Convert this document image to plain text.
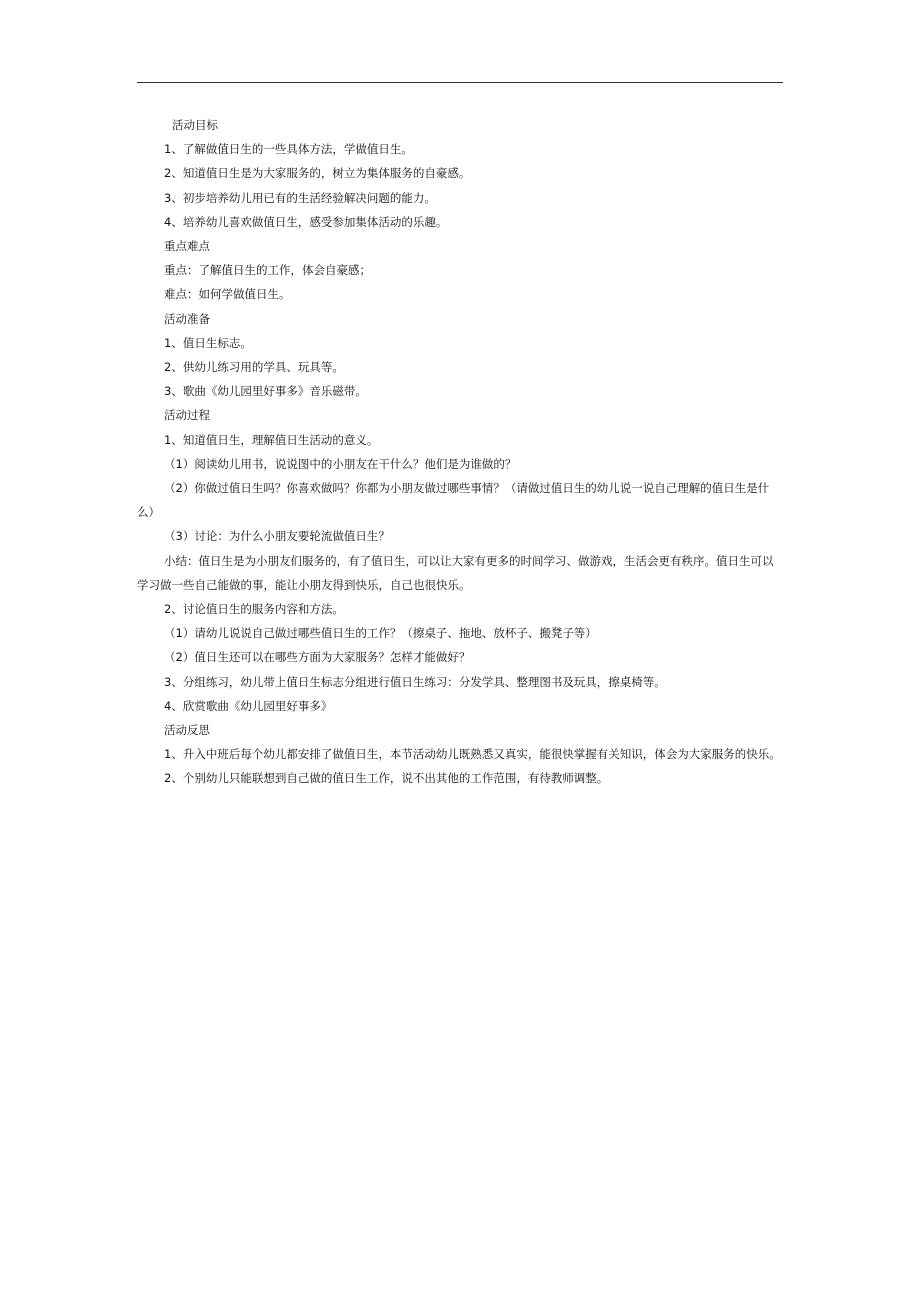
活动目标

1、了解做值日生的一些具体方法，学做值日生。

2、知道值日生是为大家服务的，树立为集体服务的自豪感。

3、初步培养幼儿用已有的生活经验解决问题的能力。

4、培养幼儿喜欢做值日生，感受参加集体活动的乐趣。

重点难点

重点：了解值日生的工作，体会自豪感；

难点：如何学做值日生。

活动准备

1、值日生标志。

2、供幼儿练习用的学具、玩具等。

3、歌曲《幼儿园里好事多》音乐磁带。

活动过程

1、知道值日生，理解值日生活动的意义。

（1）阅读幼儿用书，说说图中的小朋友在干什么？他们是为谁做的？

（2）你做过值日生吗？你喜欢做吗？你都为小朋友做过哪些事情？（请做过值日生的幼儿说一说自己理解的值日生是什么）

（3）讨论：为什么小朋友要轮流做值日生？

小结：值日生是为小朋友们服务的，有了值日生，可以让大家有更多的时间学习、做游戏，生活会更有秩序。值日生可以学习做一些自己能做的事，能让小朋友得到快乐，自己也很快乐。

2、讨论值日生的服务内容和方法。

（1）请幼儿说说自己做过哪些值日生的工作？（擦桌子、拖地、放杯子、搬凳子等）

（2）值日生还可以在哪些方面为大家服务？怎样才能做好？

3、分组练习，幼儿带上值日生标志分组进行值日生练习：分发学具、整理图书及玩具，擦桌椅等。

4、欣赏歌曲《幼儿园里好事多》

活动反思

1、升入中班后每个幼儿都安排了做值日生，本节活动幼儿既熟悉又真实，能很快掌握有关知识，体会为大家服务的快乐。

2、个别幼儿只能联想到自己做的值日生工作，说不出其他的工作范围，有待教师调整。
